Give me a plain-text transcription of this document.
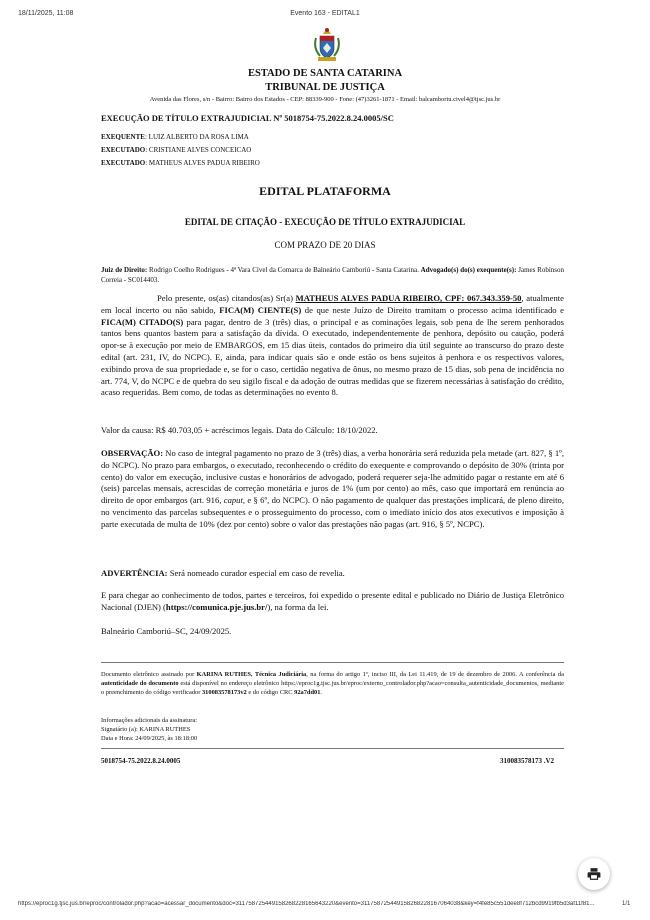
18/11/2025, 11:08	Evento 163 - EDITAL1
ESTADO DE SANTA CATARINA
TRIBUNAL DE JUSTIÇA
Avenida das Flores, s/n - Bairro: Bairro dos Estados - CEP: 88339-900 - Fone: (47)3261-1871 - Email: balcamboriu.civel4@tjsc.jus.br
EXECUÇÃO DE TÍTULO EXTRAJUDICIAL Nº 5018754-75.2022.8.24.0005/SC
EXEQUENTE: LUIZ ALBERTO DA ROSA LIMA
EXECUTADO: CRISTIANE ALVES CONCEICAO
EXECUTADO: MATHEUS ALVES PADUA RIBEIRO
EDITAL PLATAFORMA
EDITAL DE CITAÇÃO - EXECUÇÃO DE TÍTULO EXTRAJUDICIAL
COM PRAZO DE 20 DIAS
Juiz de Direito: Rodrigo Coelho Rodrigues - 4ª Vara Cível da Comarca de Balneário Camboriú - Santa Catarina. Advogado(s) do(s) exequente(s): James Robinson Correia - SC014403.
Pelo presente, os(as) citandos(as) Sr(a) MATHEUS ALVES PADUA RIBEIRO, CPF: 067.343.359-50, atualmente em local incerto ou não sabido, FICA(M) CIENTE(S) de que neste Juízo de Direito tramitam o processo acima identificado e FICA(M) CITADO(S) para pagar, dentro de 3 (três) dias, o principal e as cominações legais, sob pena de lhe serem penhorados tantos bens quantos bastem para a satisfação da dívida. O executado, independentemente de penhora, depósito ou caução, poderá opor-se à execução por meio de EMBARGOS, em 15 dias úteis, contados do primeiro dia útil seguinte ao transcurso do prazo deste edital (art. 231, IV, do NCPC). E, ainda, para indicar quais são e onde estão os bens sujeitos à penhora e os respectivos valores, exibindo prova de sua propriedade e, se for o caso, certidão negativa de ônus, no mesmo prazo de 15 dias, sob pena de incidência no art. 774, V, do NCPC e de quebra do seu sigilo fiscal e da adoção de outras medidas que se fizerem necessárias à satisfação do crédito, acaso requeridas. Bem como, de todas as determinações no evento 8.
Valor da causa: R$ 40.703,05 + acréscimos legais. Data do Cálculo: 18/10/2022.
OBSERVAÇÃO: No caso de integral pagamento no prazo de 3 (três) dias, a verba honorária será reduzida pela metade (art. 827, § 1º, do NCPC). No prazo para embargos, o executado, reconhecendo o crédito do exequente e comprovando o depósito de 30% (trinta por cento) do valor em execução, inclusive custas e honorários de advogado, poderá requerer seja-lhe admitido pagar o restante em até 6 (seis) parcelas mensais, acrescidas de correção monetária e juros de 1% (um por cento) ao mês, caso que importará em renúncia ao direito de opor embargos (art. 916, caput, e § 6º, do NCPC). O não pagamento de qualquer das prestações implicará, de pleno direito, no vencimento das parcelas subsequentes e o prosseguimento do processo, com o imediato início dos atos executivos e imposição à parte executada de multa de 10% (dez por cento) sobre o valor das prestações não pagas (art. 916, § 5º, NCPC).
ADVERTÊNCIA: Será nomeado curador especial em caso de revelia.
E para chegar ao conhecimento de todos, partes e terceiros, foi expedido o presente edital e publicado no Diário de Justiça Eletrônico Nacional (DJEN) (https://comunica.pje.jus.br/), na forma da lei.
Balneário Camboriú–SC, 24/09/2025.
Documento eletrônico assinado por KARINA RUTHES, Técnica Judiciária, na forma do artigo 1º, inciso III, da Lei 11.419, de 19 de dezembro de 2006. A conferência da autenticidade do documento está disponível no endereço eletrônico https://eproc1g.tjsc.jus.br/eproc/externo_controlador.php?acao=consulta_autenticidade_documentos, mediante o preenchimento do código verificador 310083578173v2 e do código CRC 92a7dd01.
Informações adicionais da assinatura:
Signatário (a): KARINA RUTHES
Data e Hora: 24/09/2025, às 18:18:00
5018754-75.2022.8.24.0005	310083578173 .V2
https://eproc1g.tjsc.jus.br/eproc/controlador.php?acao=acessar_documento&doc=311758725449158268228165643220&evento=311758725449158268228167064038&key=f4fe85c551dee8f712bcd9919fb5d3af11f81...	1/1
